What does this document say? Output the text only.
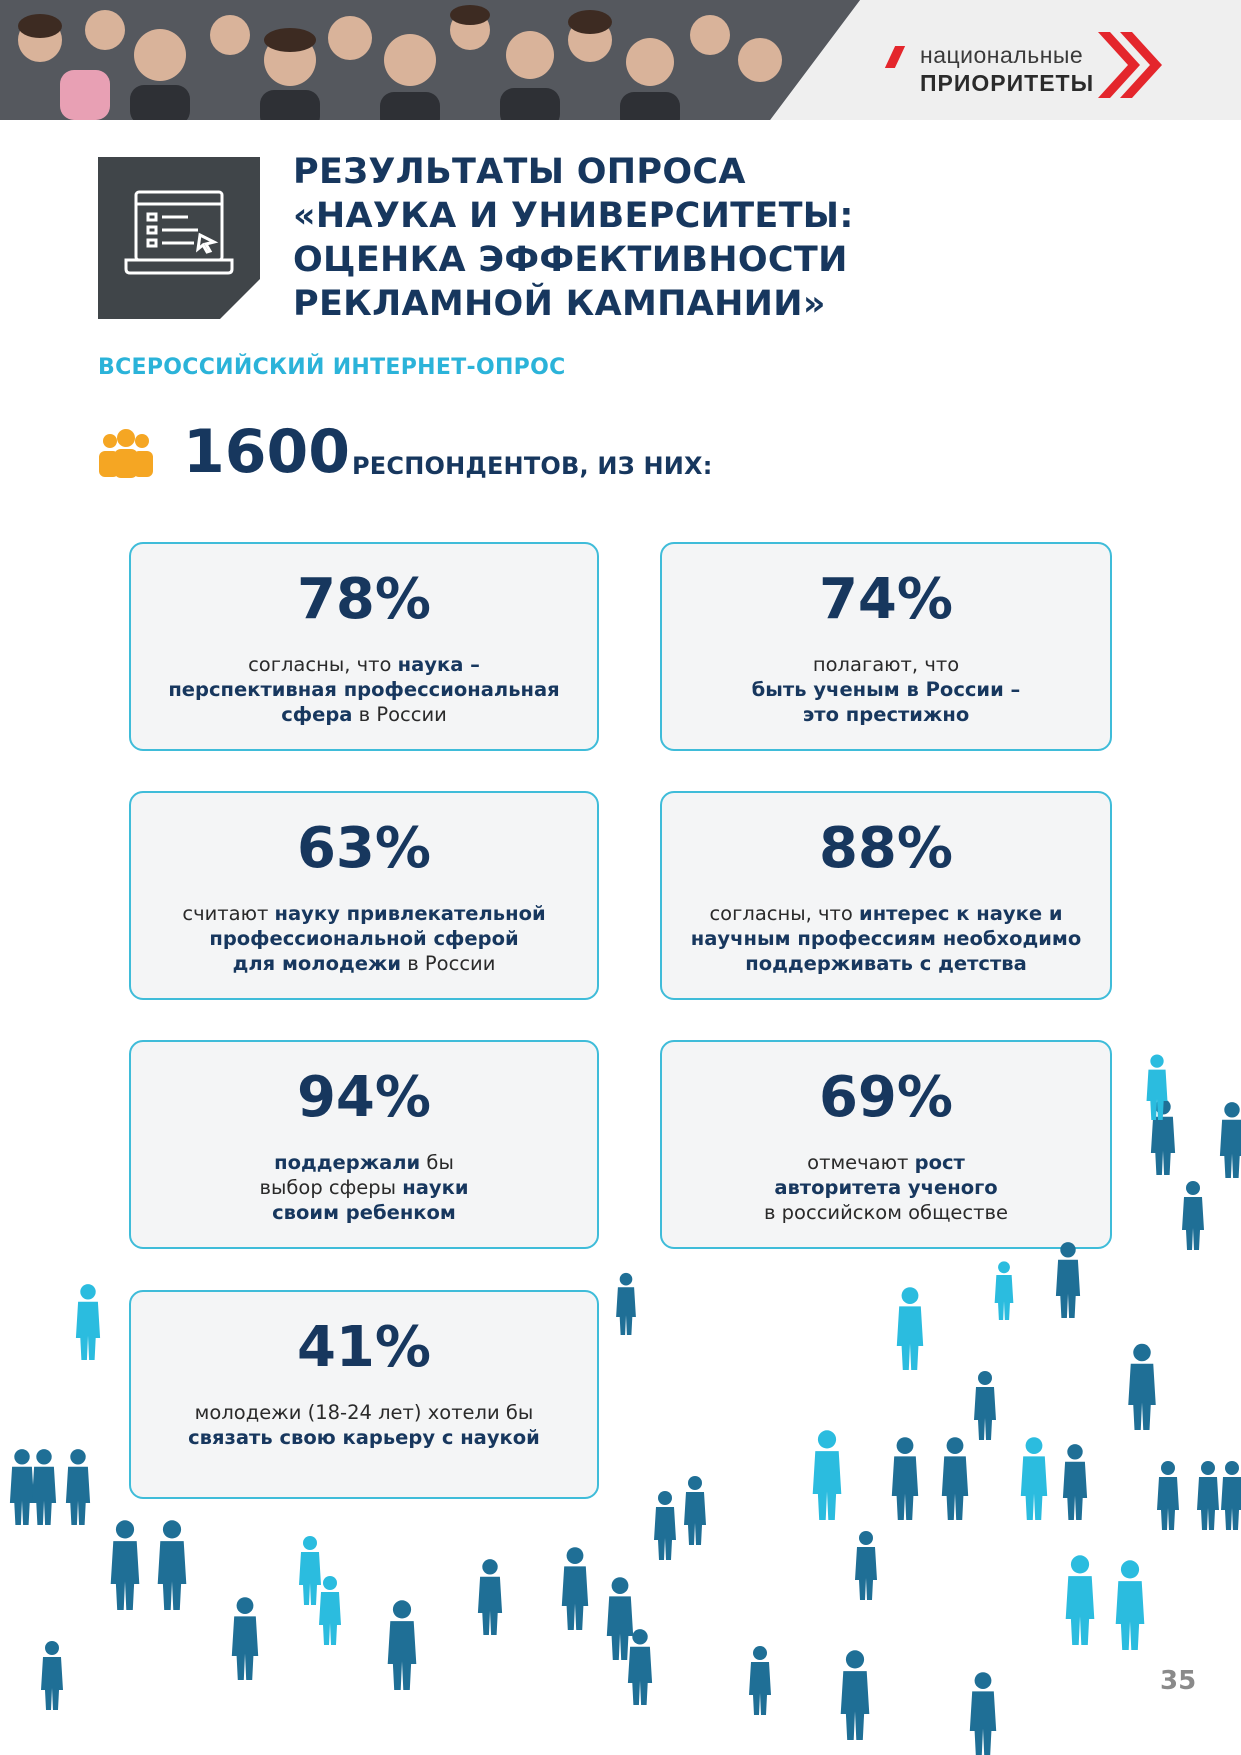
национальные
ПРИОРИТЕТЫ
РЕЗУЛЬТАТЫ ОПРОСА
«НАУКА И УНИВЕРСИТЕТЫ:
ОЦЕНКА ЭФФЕКТИВНОСТИ
РЕКЛАМНОЙ КАМПАНИИ»
ВСЕРОССИЙСКИЙ ИНТЕРНЕТ-ОПРОС
1600 РЕСПОНДЕНТОВ, ИЗ НИХ:
78%
согласны, что наука –
перспективная профессиональная
сфера в России
74%
полагают, что
быть ученым в России –
это престижно
63%
считают науку привлекательной
профессиональной сферой
для молодежи в России
88%
согласны, что интерес к науке и
научным профессиям необходимо
поддерживать с детства
94%
поддержали бы
выбор сферы науки
своим ребенком
69%
отмечают рост
авторитета ученого
в российском обществе
41%
молодежи (18-24 лет) хотели бы
связать свою карьеру с наукой
35
